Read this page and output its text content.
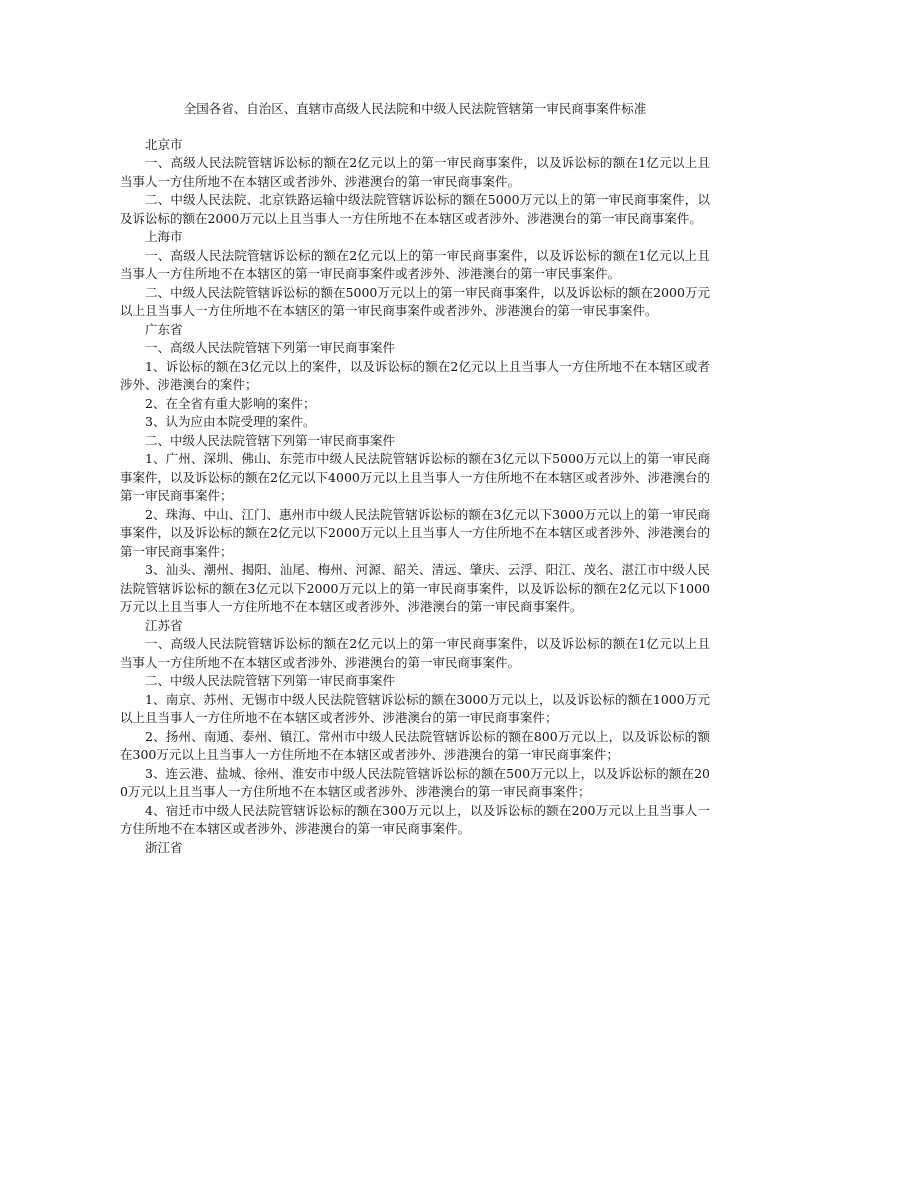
全国各省、自治区、直辖市高级人民法院和中级人民法院管辖第一审民商事案件标准

北京市

一、高级人民法院管辖诉讼标的额在2亿元以上的第一审民商事案件，以及诉讼标的额在1亿元以上且当事人一方住所地不在本辖区或者涉外、涉港澳台的第一审民商事案件。

二、中级人民法院、北京铁路运输中级法院管辖诉讼标的额在5000万元以上的第一审民商事案件，以及诉讼标的额在2000万元以上且当事人一方住所地不在本辖区或者涉外、涉港澳台的第一审民商事案件。

上海市

一、高级人民法院管辖诉讼标的额在2亿元以上的第一审民商事案件，以及诉讼标的额在1亿元以上且当事人一方住所地不在本辖区的第一审民商事案件或者涉外、涉港澳台的第一审民事案件。

二、中级人民法院管辖诉讼标的额在5000万元以上的第一审民商事案件，以及诉讼标的额在2000万元以上且当事人一方住所地不在本辖区的第一审民商事案件或者涉外、涉港澳台的第一审民事案件。

广东省

一、高级人民法院管辖下列第一审民商事案件

1、诉讼标的额在3亿元以上的案件，以及诉讼标的额在2亿元以上且当事人一方住所地不在本辖区或者涉外、涉港澳台的案件；

2、在全省有重大影响的案件；

3、认为应由本院受理的案件。

二、中级人民法院管辖下列第一审民商事案件

1、广州、深圳、佛山、东莞市中级人民法院管辖诉讼标的额在3亿元以下5000万元以上的第一审民商事案件，以及诉讼标的额在2亿元以下4000万元以上且当事人一方住所地不在本辖区或者涉外、涉港澳台的第一审民商事案件；

2、珠海、中山、江门、惠州市中级人民法院管辖诉讼标的额在3亿元以下3000万元以上的第一审民商事案件，以及诉讼标的额在2亿元以下2000万元以上且当事人一方住所地不在本辖区或者涉外、涉港澳台的第一审民商事案件；

3、汕头、潮州、揭阳、汕尾、梅州、河源、韶关、清远、肇庆、云浮、阳江、茂名、湛江市中级人民法院管辖诉讼标的额在3亿元以下2000万元以上的第一审民商事案件，以及诉讼标的额在2亿元以下1000万元以上且当事人一方住所地不在本辖区或者涉外、涉港澳台的第一审民商事案件。

江苏省

一、高级人民法院管辖诉讼标的额在2亿元以上的第一审民商事案件，以及诉讼标的额在1亿元以上且当事人一方住所地不在本辖区或者涉外、涉港澳台的第一审民商事案件。

二、中级人民法院管辖下列第一审民商事案件

1、南京、苏州、无锡市中级人民法院管辖诉讼标的额在3000万元以上，以及诉讼标的额在1000万元以上且当事人一方住所地不在本辖区或者涉外、涉港澳台的第一审民商事案件；

2、扬州、南通、泰州、镇江、常州市中级人民法院管辖诉讼标的额在800万元以上，以及诉讼标的额在300万元以上且当事人一方住所地不在本辖区或者涉外、涉港澳台的第一审民商事案件；

3、连云港、盐城、徐州、淮安市中级人民法院管辖诉讼标的额在500万元以上，以及诉讼标的额在200万元以上且当事人一方住所地不在本辖区或者涉外、涉港澳台的第一审民商事案件；

4、宿迁市中级人民法院管辖诉讼标的额在300万元以上，以及诉讼标的额在200万元以上且当事人一方住所地不在本辖区或者涉外、涉港澳台的第一审民商事案件。

浙江省
